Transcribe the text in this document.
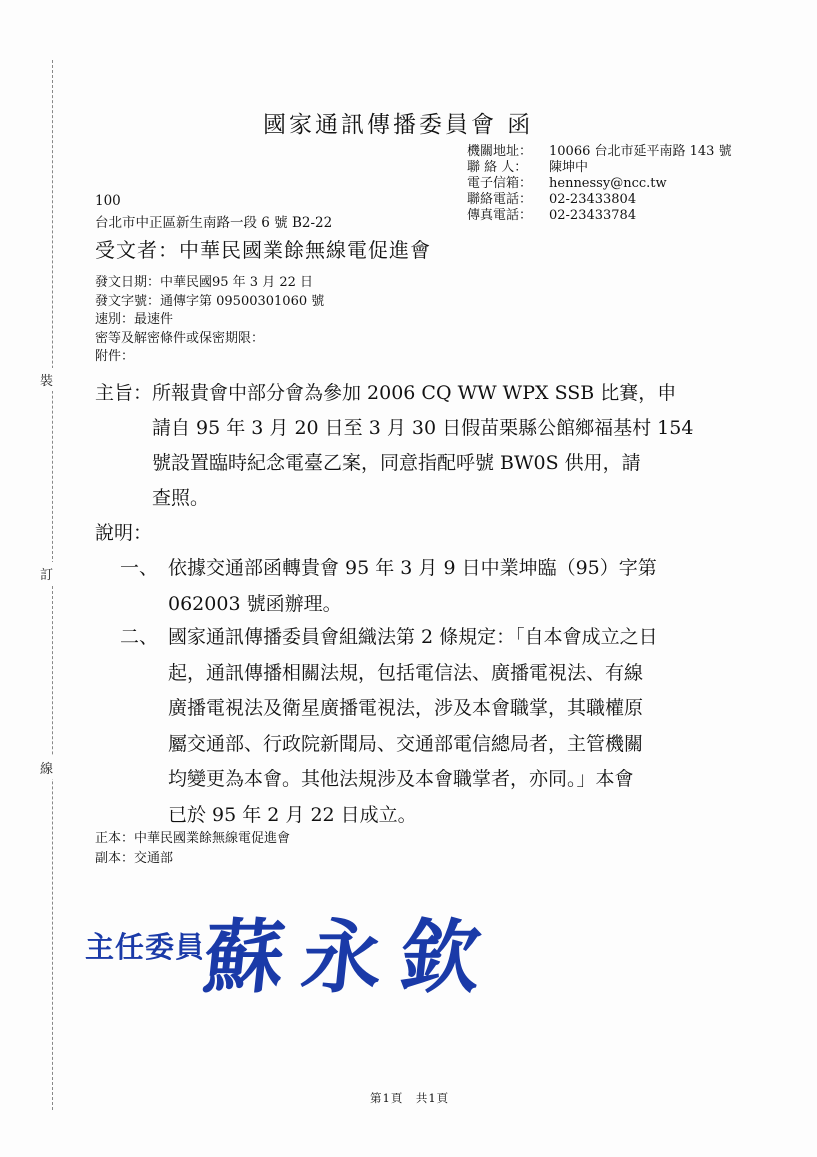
裝
訂
線
國家通訊傳播委員會 函
機關地址：	10066 台北市延平南路 143 號
聯 絡 人：	陳坤中
電子信箱：	hennessy@ncc.tw
聯絡電話：	02-23433804
傳真電話：	02-23433784
100
台北市中正區新生南路一段 6 號 B2-22
受文者：中華民國業餘無線電促進會
發文日期：中華民國95 年 3 月 22 日
發文字號：通傳字第 09500301060 號
速別：最速件
密等及解密條件或保密期限：
附件：
主旨：所報貴會中部分會為參加 2006 CQ WW WPX SSB 比賽，申
　　　請自 95 年 3 月 20 日至 3 月 30 日假苗栗縣公館鄉福基村 154
　　　號設置臨時紀念電臺乙案，同意指配呼號 BW0S 供用，請
　　　查照。
說明：
一、 依據交通部函轉貴會 95 年 3 月 9 日中業坤臨（95）字第
062003 號函辦理。
二、 國家通訊傳播委員會組織法第 2 條規定：「自本會成立之日
起，通訊傳播相關法規，包括電信法、廣播電視法、有線
廣播電視法及衛星廣播電視法，涉及本會職掌，其職權原
屬交通部、行政院新聞局、交通部電信總局者，主管機關
均變更為本會。其他法規涉及本會職掌者，亦同。」本會
已於 95 年 2 月 22 日成立。
正本：中華民國業餘無線電促進會
副本：交通部
主任委員
蘇永欽
第1頁　共1頁
